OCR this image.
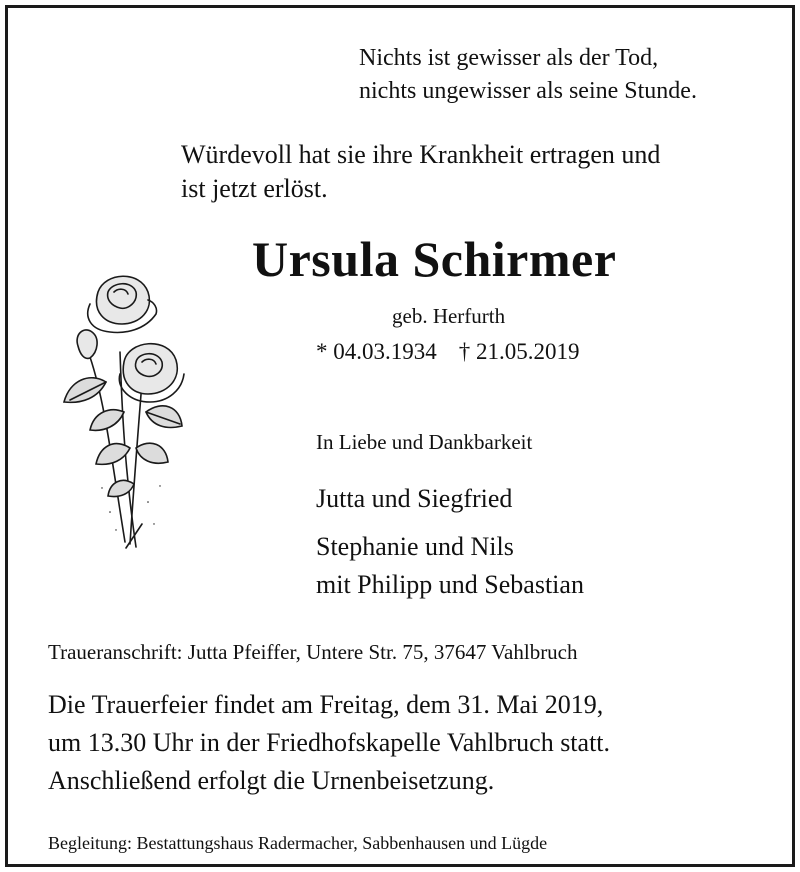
Nichts ist gewisser als der Tod,
nichts ungewisser als seine Stunde.
Würdevoll hat sie ihre Krankheit ertragen und
ist jetzt erlöst.
Ursula Schirmer
geb. Herfurth
* 04.03.1934 † 21.05.2019
In Liebe und Dankbarkeit
Jutta und Siegfried
Stephanie und Nils
mit Philipp und Sebastian
Traueranschrift: Jutta Pfeiffer, Untere Str. 75, 37647 Vahlbruch
Die Trauerfeier findet am Freitag, dem 31. Mai 2019,
um 13.30 Uhr in der Friedhofskapelle Vahlbruch statt.
Anschließend erfolgt die Urnenbeisetzung.
Begleitung: Bestattungshaus Radermacher, Sabbenhausen und Lügde
